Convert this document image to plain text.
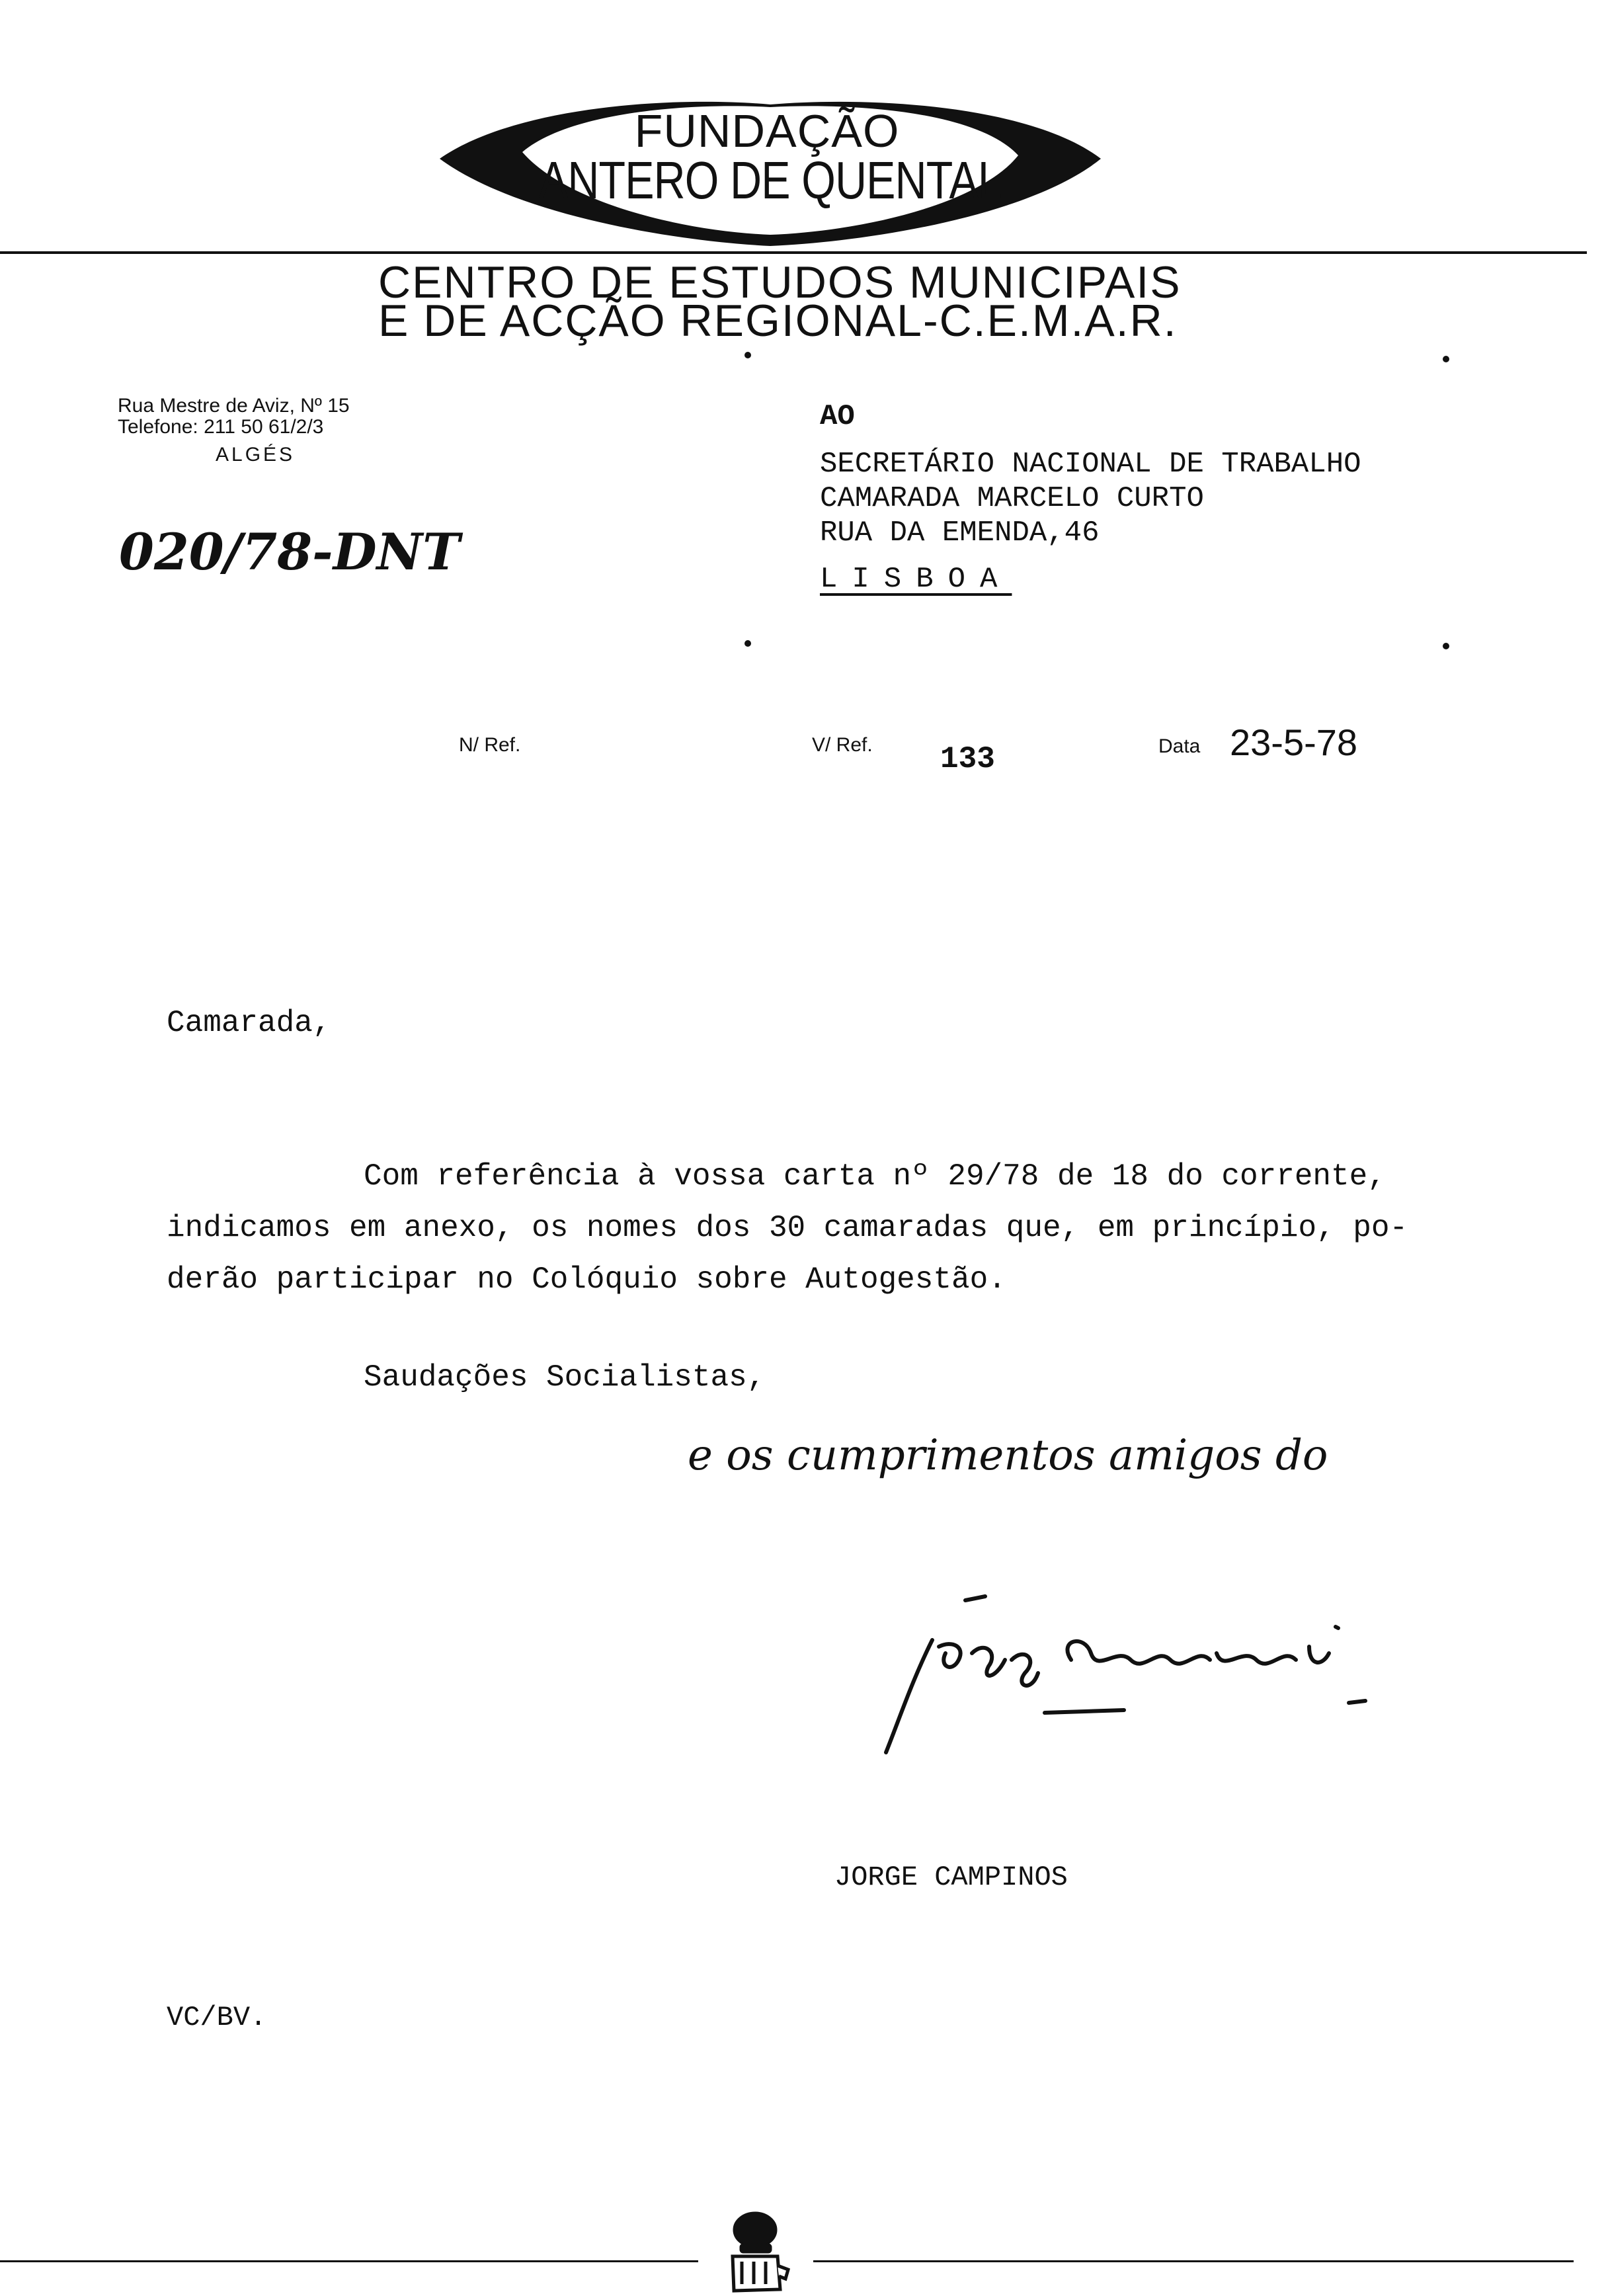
FUNDAÇÃO
ANTERO DE QUENTAL
CENTRO DE ESTUDOS MUNICIPAIS
E DE ACÇÃO REGIONAL-C.E.M.A.R.
Rua Mestre de Aviz, Nº 15
Telefone: 211 50 61/2/3
ALGÉS
020/78-DNT
AO
SECRETÁRIO NACIONAL DE TRABALHO
CAMARADA MARCELO CURTO
RUA DA EMENDA,46
LISBOA
N/ Ref.	V/ Ref. 133	Data 23-5-78
Camarada,
Com referência à vossa carta nº 29/78 de 18 do corrente,
indicamos em anexo, os nomes dos 30 camaradas que, em princípio, po-
derão participar no Colóquio sobre Autogestão.
Saudações Socialistas,
e os cumprimentos amigos do
JORGE CAMPINOS
VC/BV.
